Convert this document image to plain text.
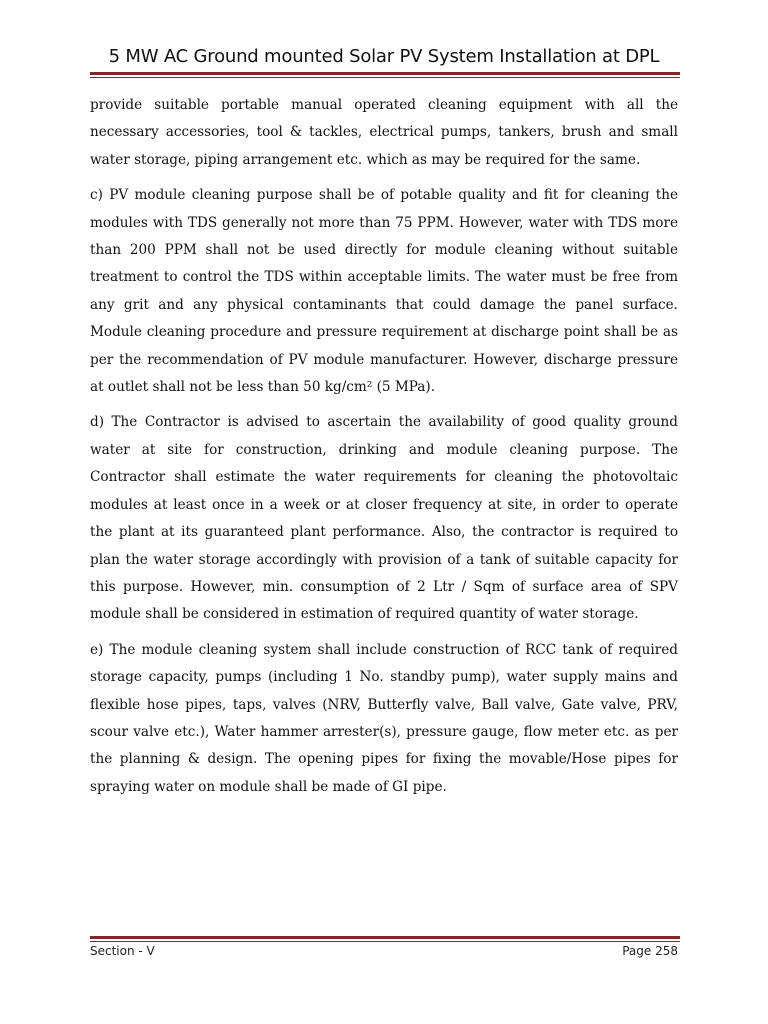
5 MW AC Ground mounted Solar PV System Installation at DPL

provide suitable portable manual operated cleaning equipment with all the necessary accessories, tool & tackles, electrical pumps, tankers, brush and small water storage, piping arrangement etc. which as may be required for the same.

c) PV module cleaning purpose shall be of potable quality and fit for cleaning the modules with TDS generally not more than 75 PPM. However, water with TDS more than 200 PPM shall not be used directly for module cleaning without suitable treatment to control the TDS within acceptable limits. The water must be free from any grit and any physical contaminants that could damage the panel surface. Module cleaning procedure and pressure requirement at discharge point shall be as per the recommendation of PV module manufacturer. However, discharge pressure at outlet shall not be less than 50 kg/cm² (5 MPa).

d) The Contractor is advised to ascertain the availability of good quality ground water at site for construction, drinking and module cleaning purpose. The Contractor shall estimate the water requirements for cleaning the photovoltaic modules at least once in a week or at closer frequency at site, in order to operate the plant at its guaranteed plant performance. Also, the contractor is required to plan the water storage accordingly with provision of a tank of suitable capacity for this purpose. However, min. consumption of 2 Ltr / Sqm of surface area of SPV module shall be considered in estimation of required quantity of water storage.

e) The module cleaning system shall include construction of RCC tank of required storage capacity, pumps (including 1 No. standby pump), water supply mains and flexible hose pipes, taps, valves (NRV, Butterfly valve, Ball valve, Gate valve, PRV, scour valve etc.), Water hammer arrester(s), pressure gauge, flow meter etc. as per the planning & design. The opening pipes for fixing the movable/Hose pipes for spraying water on module shall be made of GI pipe.

Section - V	Page 258
